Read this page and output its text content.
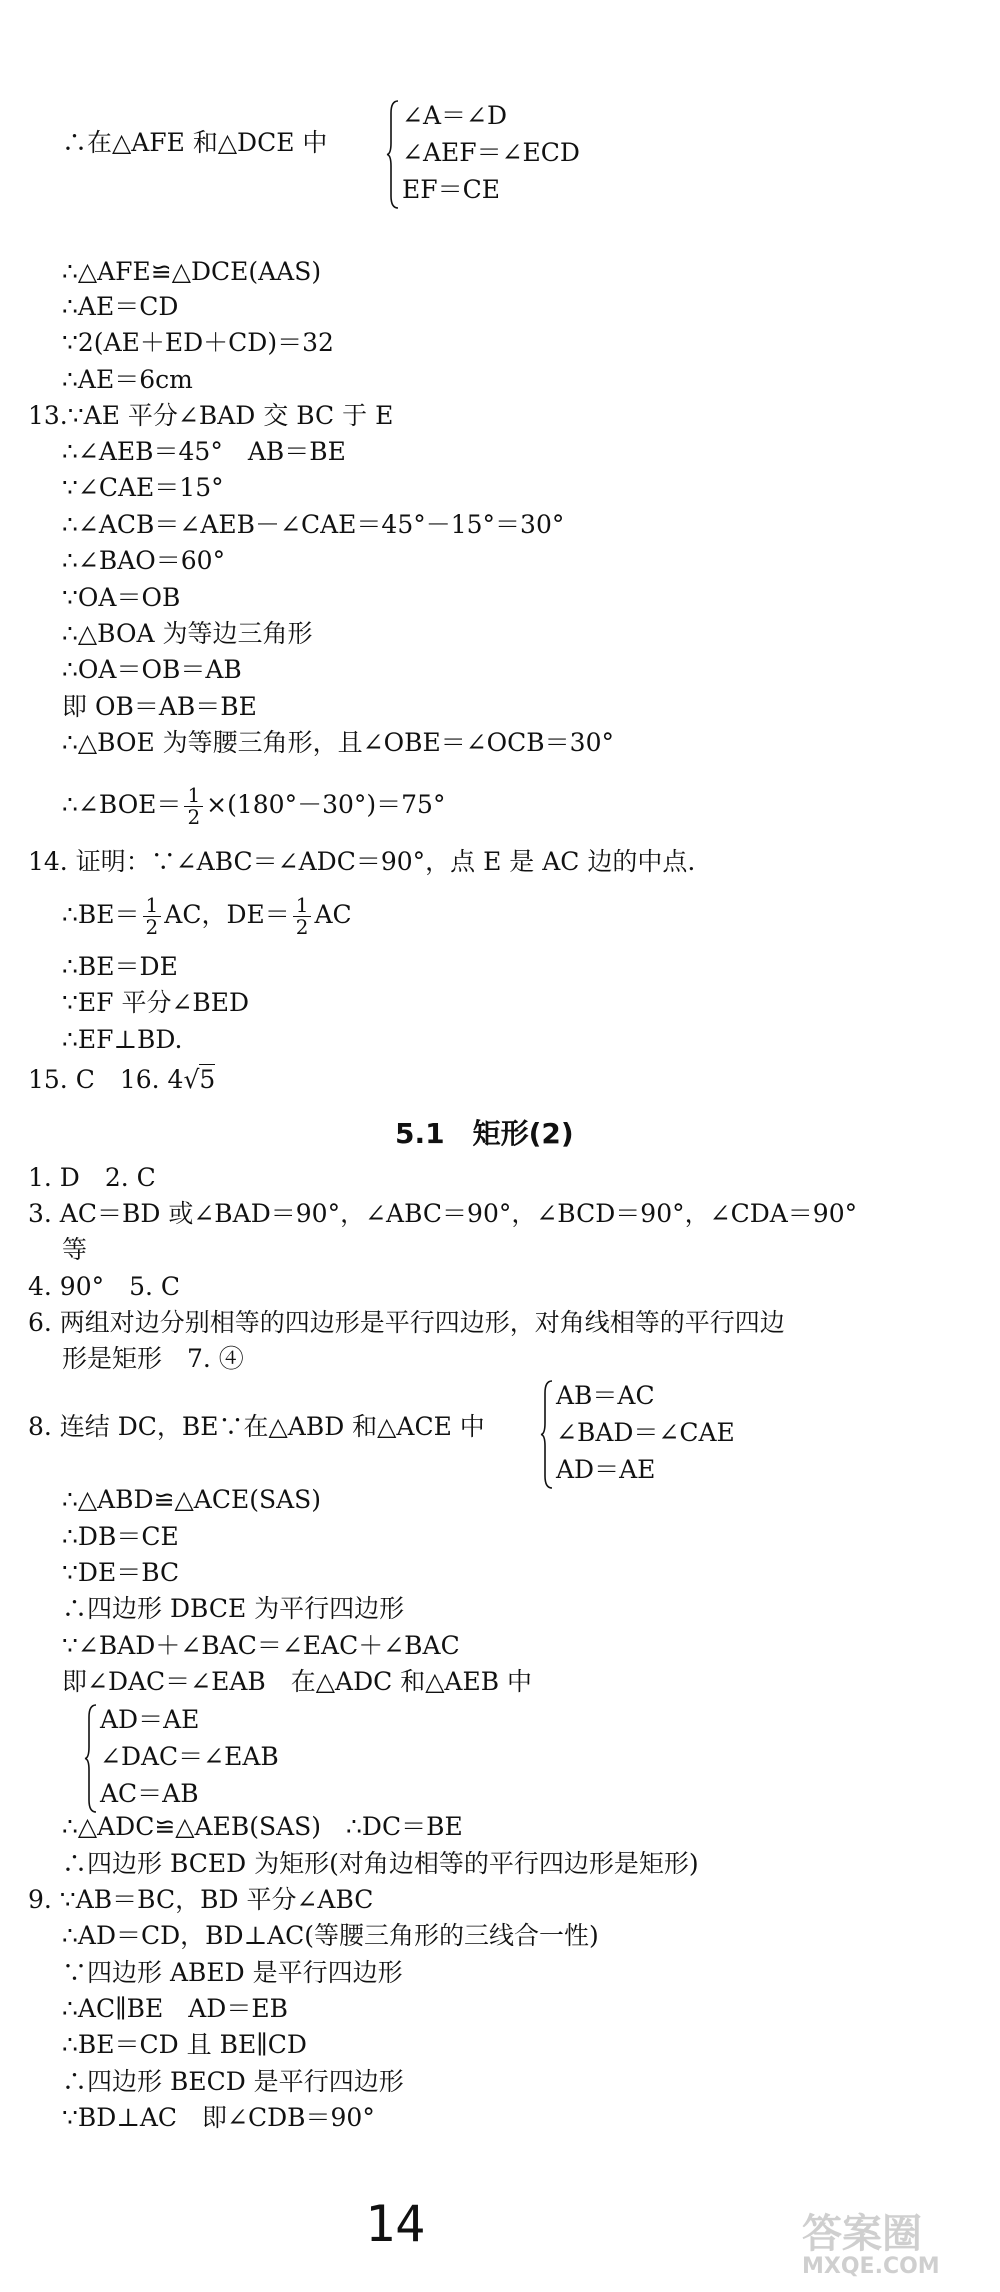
∴在△AFE 和△DCE 中
∠A＝∠D
∠AEF＝∠ECD
EF＝CE
∴△AFE≌△DCE(AAS)
∴AE＝CD
∵2(AE＋ED＋CD)＝32
∴AE＝6cm
13.∵AE 平分∠BAD 交 BC 于 E
∴∠AEB＝45°　AB＝BE
∵∠CAE＝15°
∴∠ACB＝∠AEB－∠CAE＝45°－15°＝30°
∴∠BAO＝60°
∵OA＝OB
∴△BOA 为等边三角形
∴OA＝OB＝AB
即 OB＝AB＝BE
∴△BOE 为等腰三角形，且∠OBE＝∠OCB＝30°
∴∠BOE＝ $\frac{1}{2} \times(180^\circ-30^\circ)=75^\circ$
14. 证明：∵∠ABC＝∠ADC＝90°，点 E 是 AC 边的中点.
∴BE＝ $\frac{1}{2}$ AC，$DE= \frac{1}{2}$ AC
∴BE＝DE
∵EF 平分∠BED
∴EF⊥BD.
15. C　16. 4√5
5.1　矩形(2)
1. D　2. C
3. AC＝BD 或∠BAD＝90°，∠ABC＝90°，∠BCD＝90°，∠CDA＝90°
等
4. 90°　5. C
6. 两组对边分别相等的四边形是平行四边形，对角线相等的平行四边
形是矩形　7. ④
8. 连结 DC，BE∵在△ABD 和△ACE 中
AB＝AC
∠BAD＝∠CAE
AD＝AE
∴△ABD≌△ACE(SAS)
∴DB＝CE
∵DE＝BC
∴四边形 DBCE 为平行四边形
∵∠BAD＋∠BAC＝∠EAC＋∠BAC
即∠DAC＝∠EAB　在△ADC 和△AEB 中
AD＝AE
∠DAC＝∠EAB
AC＝AB
∴△ADC≌△AEB(SAS)　∴DC＝BE
∴四边形 BCED 为矩形(对角边相等的平行四边形是矩形)
9. ∵AB＝BC，BD 平分∠ABC
∴AD＝CD，BD⊥AC(等腰三角形的三线合一性)
∵四边形 ABED 是平行四边形
∴AC∥BE　AD＝EB
∴BE＝CD 且 BE∥CD
∴四边形 BECD 是平行四边形
∵BD⊥AC　即∠CDB＝90°
14	答案圈
MXQE.COM
